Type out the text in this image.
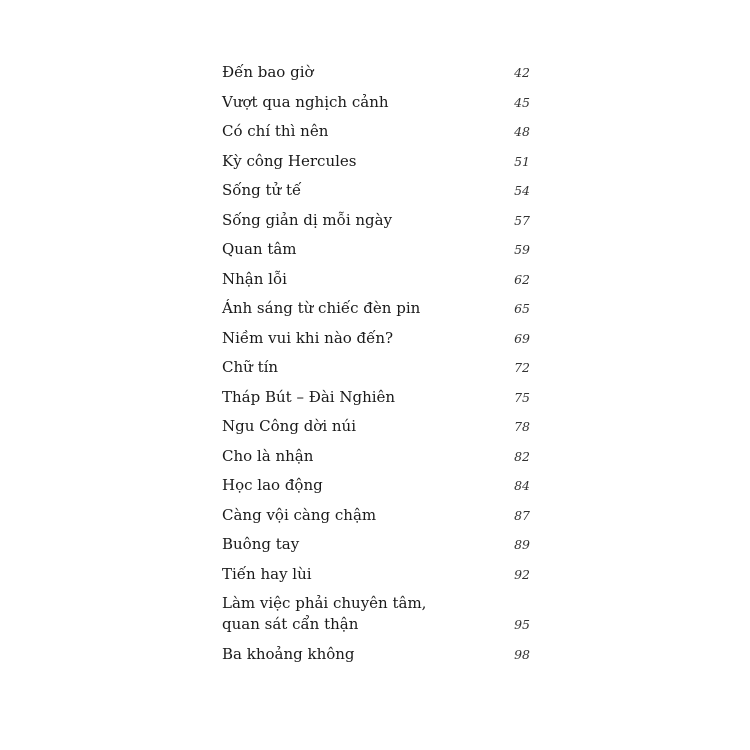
Đến bao giờ	42
Vượt qua nghịch cảnh	45
Có chí thì nên	48
Kỳ công Hercules	51
Sống tử tế	54
Sống giản dị mỗi ngày	57
Quan tâm	59
Nhận lỗi	62
Ánh sáng từ chiếc đèn pin	65
Niềm vui khi nào đến?	69
Chữ tín	72
Tháp Bút – Đài Nghiên	75
Ngu Công dời núi	78
Cho là nhận	82
Học lao động	84
Càng vội càng chậm	87
Buông tay	89
Tiến hay lùi	92
Làm việc phải chuyên tâm,
quan sát cẩn thận	95
Ba khoảng không	98
